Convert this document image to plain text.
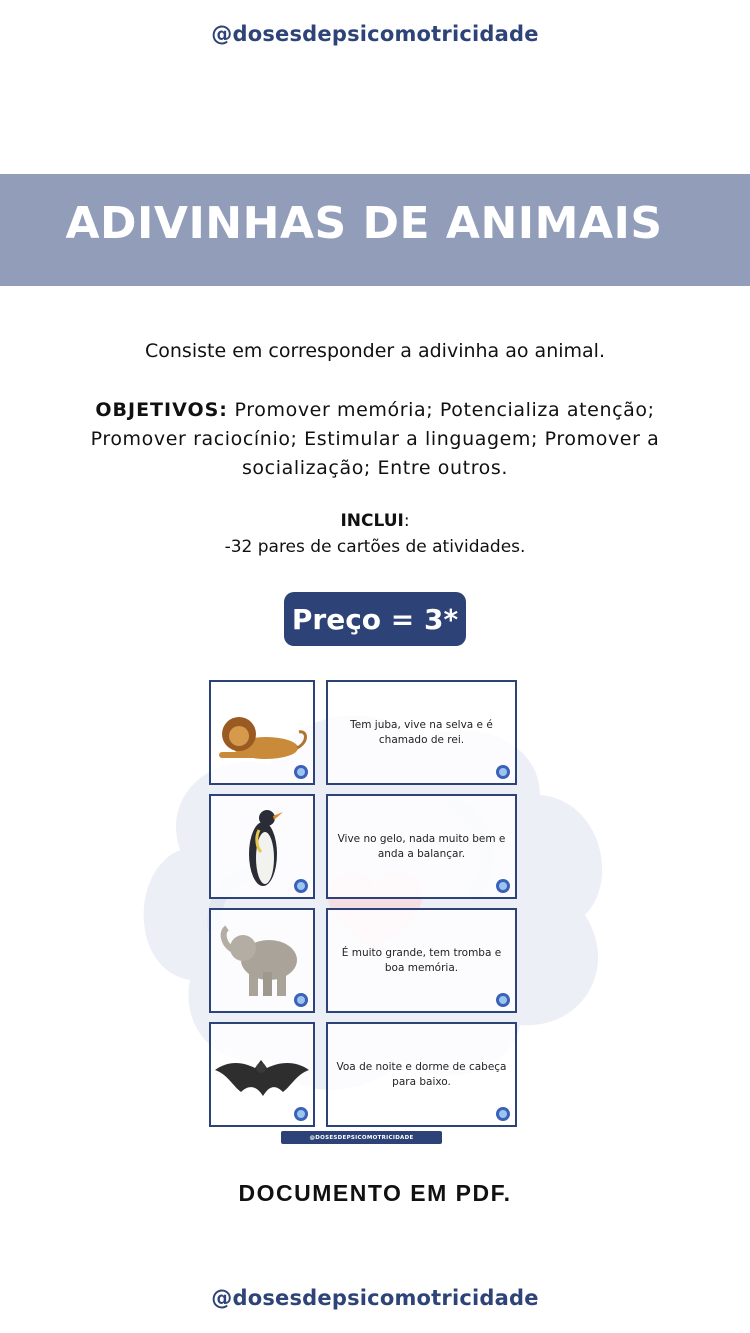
@dosesdepsicomotricidade
ADIVINHAS DE ANIMAIS
Consiste em corresponder a adivinha ao animal.
OBJETIVOS: Promover memória; Potencializa atenção; Promover raciocínio; Estimular a linguagem; Promover a socialização; Entre outros.
INCLUI:
-32 pares de cartões de atividades.
Preço = 3*
Tem juba, vive na selva e é chamado de rei.
Vive no gelo, nada muito bem e anda a balançar.
É muito grande, tem tromba e boa memória.
Voa de noite e dorme de cabeça para baixo.
@DOSESDEPSICOMOTRICIDADE
DOCUMENTO EM PDF.
@dosesdepsicomotricidade
